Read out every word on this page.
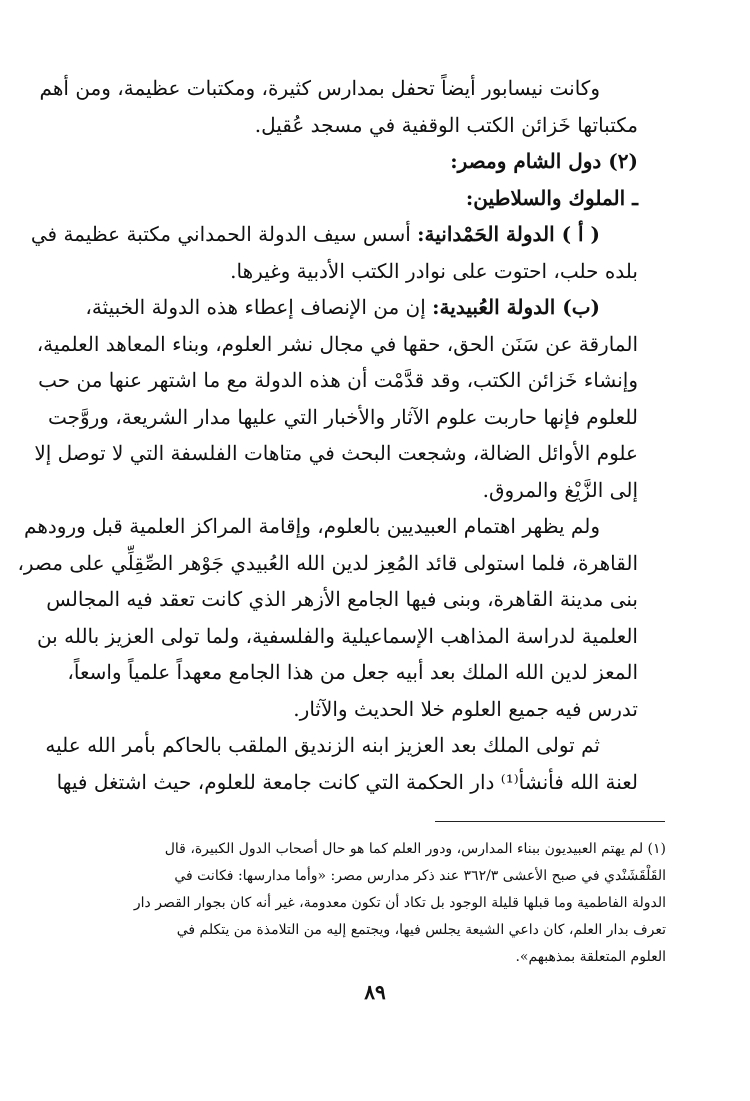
وكانت نيسابور أيضاً تحفل بمدارس كثيرة، ومكتبات عظيمة، ومن أهم
مكتباتها خَزائن الكتب الوقفية في مسجد عُقيل.
(٢) دول الشام ومصر:
ـ الملوك والسلاطين:
( أ ) الدولة الحَمْدانية: أسس سيف الدولة الحمداني مكتبة عظيمة في
بلده حلب، احتوت على نوادر الكتب الأدبية وغيرها.
(ب) الدولة العُبيدية: إن من الإنصاف إعطاء هذه الدولة الخبيثة،
المارقة عن سَنَن الحق، حقها في مجال نشر العلوم، وبناء المعاهد العلمية،
وإنشاء خَزائن الكتب، وقد قدَّمْت أن هذه الدولة مع ما اشتهر عنها من حب
للعلوم فإنها حاربت علوم الآثار والأخبار التي عليها مدار الشريعة، وروَّجت
علوم الأوائل الضالة، وشجعت البحث في متاهات الفلسفة التي لا توصل إلا
إلى الزَّيْغ والمروق.
ولم يظهر اهتمام العبيديين بالعلوم، وإقامة المراكز العلمية قبل ورودهم
القاهرة، فلما استولى قائد المُعِز لدين الله العُبيدي جَوْهر الصِّقِلِّي على مصر،
بنى مدينة القاهرة، وبنى فيها الجامع الأزهر الذي كانت تعقد فيه المجالس
العلمية لدراسة المذاهب الإسماعيلية والفلسفية، ولما تولى العزيز بالله بن
المعز لدين الله الملك بعد أبيه جعل من هذا الجامع معهداً علمياً واسعاً،
تدرس فيه جميع العلوم خلا الحديث والآثار.
ثم تولى الملك بعد العزيز ابنه الزنديق الملقب بالحاكم بأمر الله عليه
لعنة الله فأنشأ⁽¹⁾ دار الحكمة التي كانت جامعة للعلوم، حيث اشتغل فيها
(١) لم يهتم العبيديون ببناء المدارس، ودور العلم كما هو حال أصحاب الدول الكبيرة، قال
القَلْقَشَنْدي في صبح الأعشى ٣٦٢/٣ عند ذكر مدارس مصر: «وأما مدارسها: فكانت في
الدولة الفاطمية وما قبلها قليلة الوجود بل تكاد أن تكون معدومة، غير أنه كان بجوار القصر دار
تعرف بدار العلم، كان داعي الشيعة يجلس فيها، ويجتمع إليه من التلامذة من يتكلم في
العلوم المتعلقة بمذهبهم».
٨٩
